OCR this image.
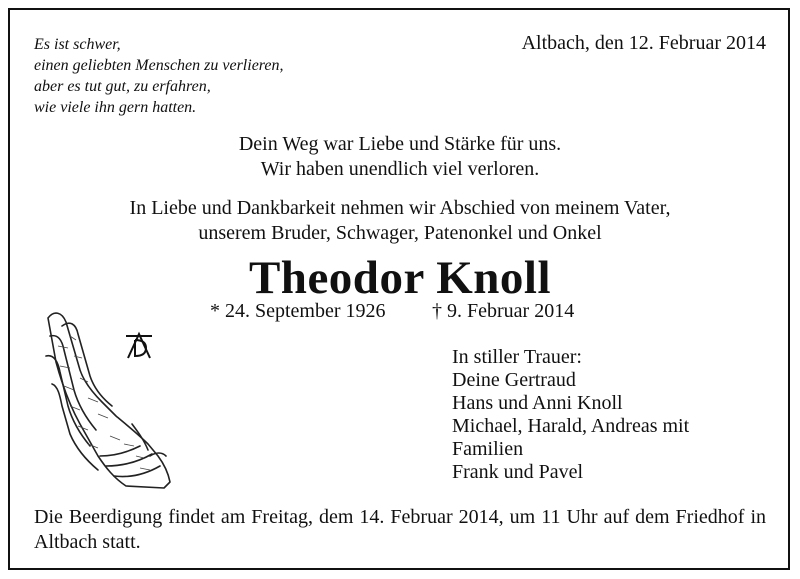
Es ist schwer,
einen geliebten Menschen zu verlieren,
aber es tut gut, zu erfahren,
wie viele ihn gern hatten.
Altbach, den 12. Februar 2014
Dein Weg war Liebe und Stärke für uns.
Wir haben unendlich viel verloren.
In Liebe und Dankbarkeit nehmen wir Abschied von meinem Vater,
unserem Bruder, Schwager, Patenonkel und Onkel
Theodor Knoll
* 24. September 1926 † 9. Februar 2014
In stiller Trauer:
Deine Gertraud
Hans und Anni Knoll
Michael, Harald, Andreas mit
Familien
Frank und Pavel
Die Beerdigung findet am Freitag, dem 14. Februar 2014, um 11 Uhr auf dem Friedhof in Altbach statt.
